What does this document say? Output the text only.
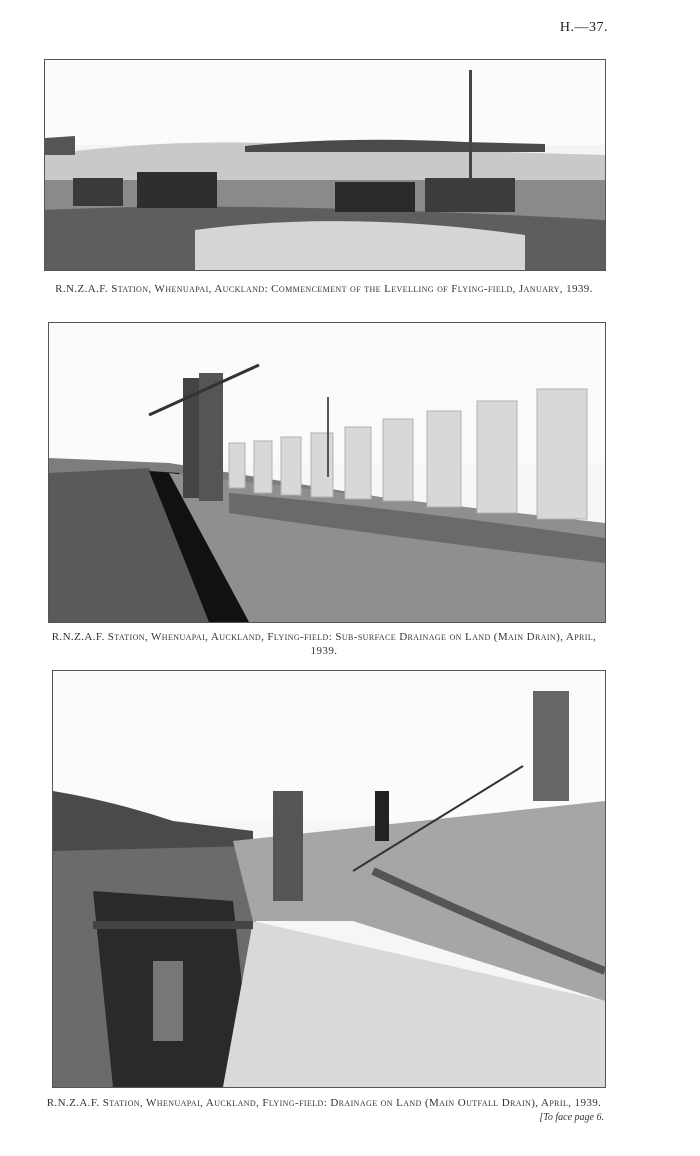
H.—37.
R.N.Z.A.F. Station, Whenuapai, Auckland: Commencement of the Levelling of Flying-field, January, 1939.
R.N.Z.A.F. Station, Whenuapai, Auckland, Flying-field: Sub-surface Drainage on Land (Main Drain), April, 1939.
R.N.Z.A.F. Station, Whenuapai, Auckland, Flying-field: Drainage on Land (Main Outfall Drain), April, 1939.
[To face page 6.
